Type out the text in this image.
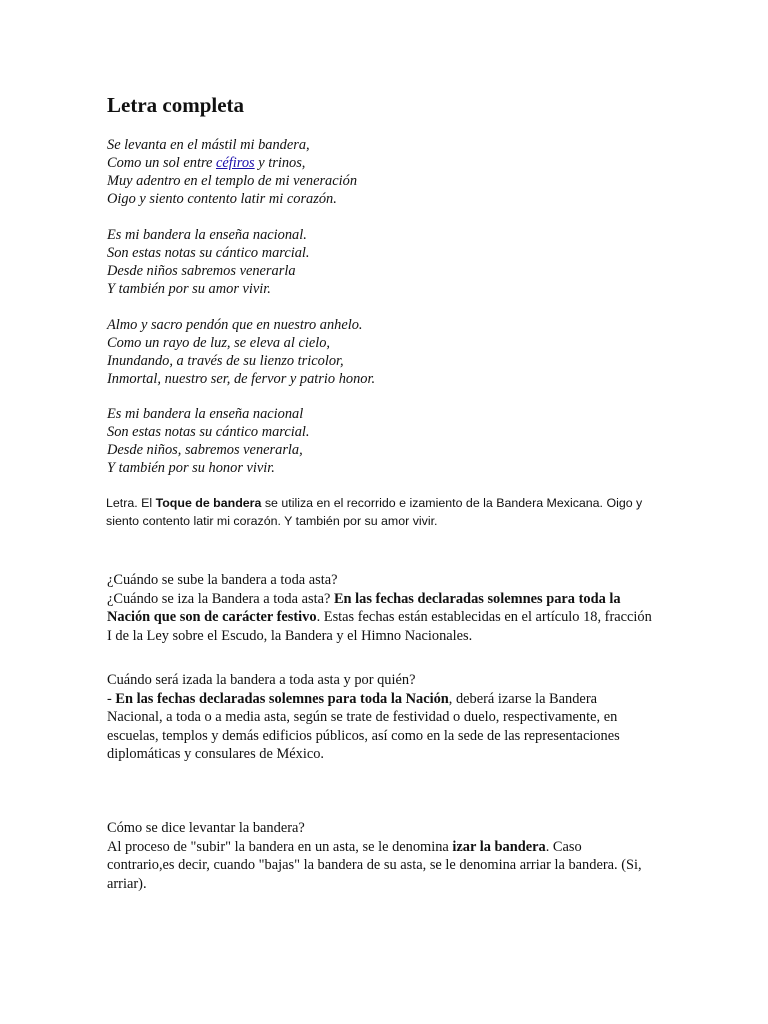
Letra completa
Se levanta en el mástil mi bandera,
Como un sol entre céfiros y trinos,
Muy adentro en el templo de mi veneración
Oigo y siento contento latir mi corazón.
Es mi bandera la enseña nacional.
Son estas notas su cántico marcial.
Desde niños sabremos venerarla
Y también por su amor vivir.
Almo y sacro pendón que en nuestro anhelo.
Como un rayo de luz, se eleva al cielo,
Inundando, a través de su lienzo tricolor,
Inmortal, nuestro ser, de fervor y patrio honor.
Es mi bandera la enseña nacional
Son estas notas su cántico marcial.
Desde niños, sabremos venerarla,
Y también por su honor vivir.

Letra. El Toque de bandera se utiliza en el recorrido e izamiento de la Bandera Mexicana. Oigo y siento contento latir mi corazón. Y también por su amor vivir.

¿Cuándo se sube la bandera a toda asta?
¿Cuándo se iza la Bandera a toda asta? En las fechas declaradas solemnes para toda la Nación que son de carácter festivo. Estas fechas están establecidas en el artículo 18, fracción I de la Ley sobre el Escudo, la Bandera y el Himno Nacionales.
Cuándo será izada la bandera a toda asta y por quién?
- En las fechas declaradas solemnes para toda la Nación, deberá izarse la Bandera Nacional, a toda o a media asta, según se trate de festividad o duelo, respectivamente, en escuelas, templos y demás edificios públicos, así como en la sede de las representaciones diplomáticas y consulares de México.
Cómo se dice levantar la bandera?
Al proceso de "subir" la bandera en un asta, se le denomina izar la bandera. Caso contrario,es decir, cuando "bajas" la bandera de su asta, se le denomina arriar la bandera. (Si, arriar).
